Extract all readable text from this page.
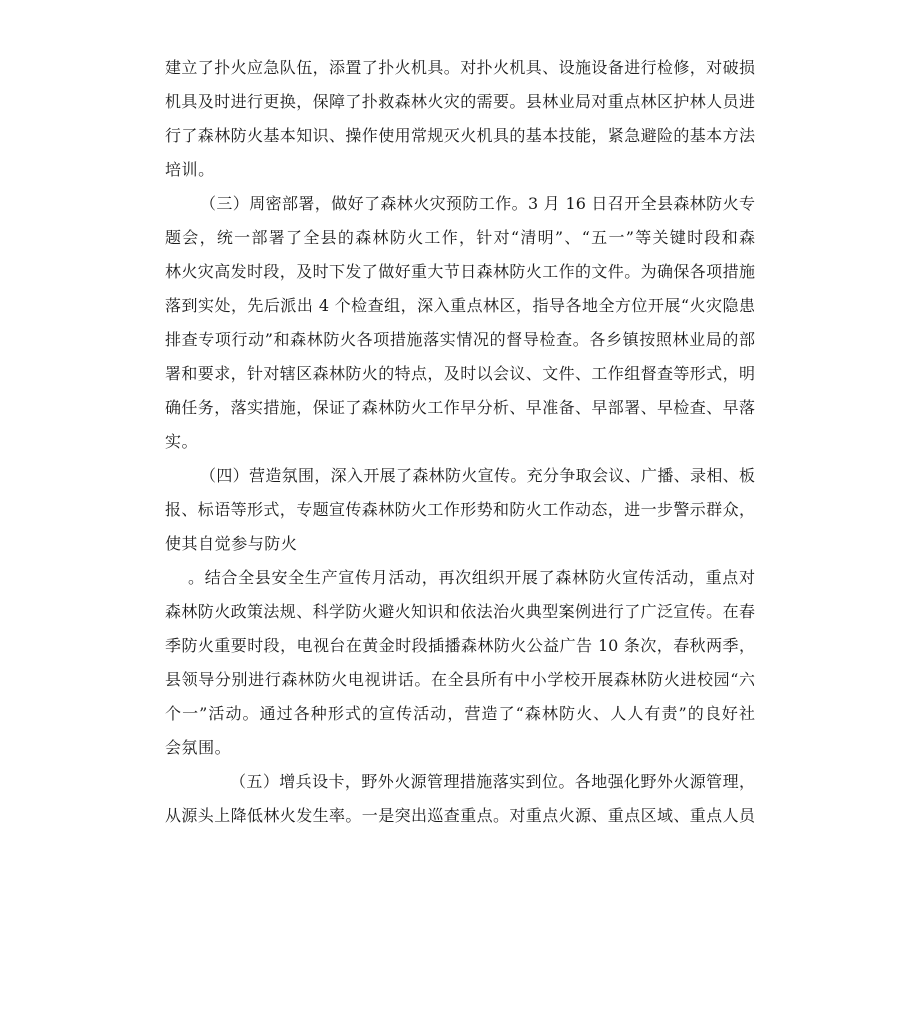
建立了扑火应急队伍，添置了扑火机具。对扑火机具、设施设备进行检修，对破损
机具及时进行更换，保障了扑救森林火灾的需要。县林业局对重点林区护林人员进
行了森林防火基本知识、操作使用常规灭火机具的基本技能，紧急避险的基本方法
培训。
（三）周密部署，做好了森林火灾预防工作。3 月 16 日召开全县森林防火专
题会，统一部署了全县的森林防火工作，针对“清明”、“五一”等关键时段和森
林火灾高发时段，及时下发了做好重大节日森林防火工作的文件。为确保各项措施
落到实处，先后派出 4 个检查组，深入重点林区，指导各地全方位开展“火灾隐患
排查专项行动”和森林防火各项措施落实情况的督导检查。各乡镇按照林业局的部
署和要求，针对辖区森林防火的特点，及时以会议、文件、工作组督查等形式，明
确任务，落实措施，保证了森林防火工作早分析、早准备、早部署、早检查、早落
实。
（四）营造氛围，深入开展了森林防火宣传。充分争取会议、广播、录相、板
报、标语等形式，专题宣传森林防火工作形势和防火工作动态，进一步警示群众，
使其自觉参与防火
。结合全县安全生产宣传月活动，再次组织开展了森林防火宣传活动，重点对
森林防火政策法规、科学防火避火知识和依法治火典型案例进行了广泛宣传。在春
季防火重要时段，电视台在黄金时段插播森林防火公益广告 10 条次，春秋两季，
县领导分别进行森林防火电视讲话。在全县所有中小学校开展森林防火进校园“六
个一”活动。通过各种形式的宣传活动，营造了“森林防火、人人有责”的良好社
会氛围。
（五）增兵设卡，野外火源管理措施落实到位。各地强化野外火源管理，
从源头上降低林火发生率。一是突出巡查重点。对重点火源、重点区域、重点人员
